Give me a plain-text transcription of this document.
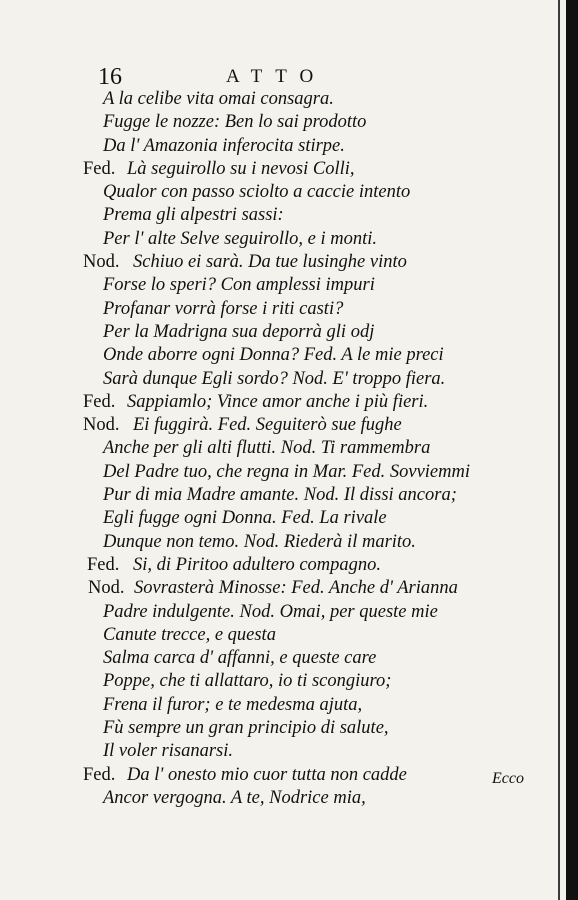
16	ATTO
A la celibe vita omai consagra.
Fugge le nozze: Ben lo sai prodotto
Da l' Amazonia inferocita stirpe.
Fed. Là seguirollo su i nevosi Colli,
Qualor con passo sciolto a caccie intento
Prema gli alpestri sassi:
Per l' alte Selve seguirollo, e i monti.
Nod. Schiuo ei sarà. Da tue lusinghe vinto
Forse lo speri? Con amplessi impuri
Profanar vorrà forse i riti casti?
Per la Madrigna sua deporrà gli odj
Onde aborre ogni Donna? Fed. A le mie preci
Sarà dunque Egli sordo? Nod. E' troppo fiera.
Fed. Sappiamlo; Vince amor anche i più fieri.
Nod. Ei fuggirà. Fed. Seguiterò sue fughe
Anche per gli alti flutti. Nod. Ti rammembra
Del Padre tuo, che regna in Mar. Fed. Sovviemmi
Pur di mia Madre amante. Nod. Il dissi ancora;
Egli fugge ogni Donna. Fed. La rivale
Dunque non temo. Nod. Riederà il marito.
Fed. Si, di Piritoo adultero compagno.
Nod. Sovrasterà Minosse: Fed. Anche d' Arianna
Padre indulgente. Nod. Omai, per queste mie
Canute trecce, e questa
Salma carca d' affanni, e queste care
Poppe, che ti allattaro, io ti scongiuro;
Frena il furor; e te medesma ajuta,
Fù sempre un gran principio di salute,
Il voler risanarsi.
Fed. Da l' onesto mio cuor tutta non cadde
Ancor vergogna. A te, Nodrice mia,
Ecco
